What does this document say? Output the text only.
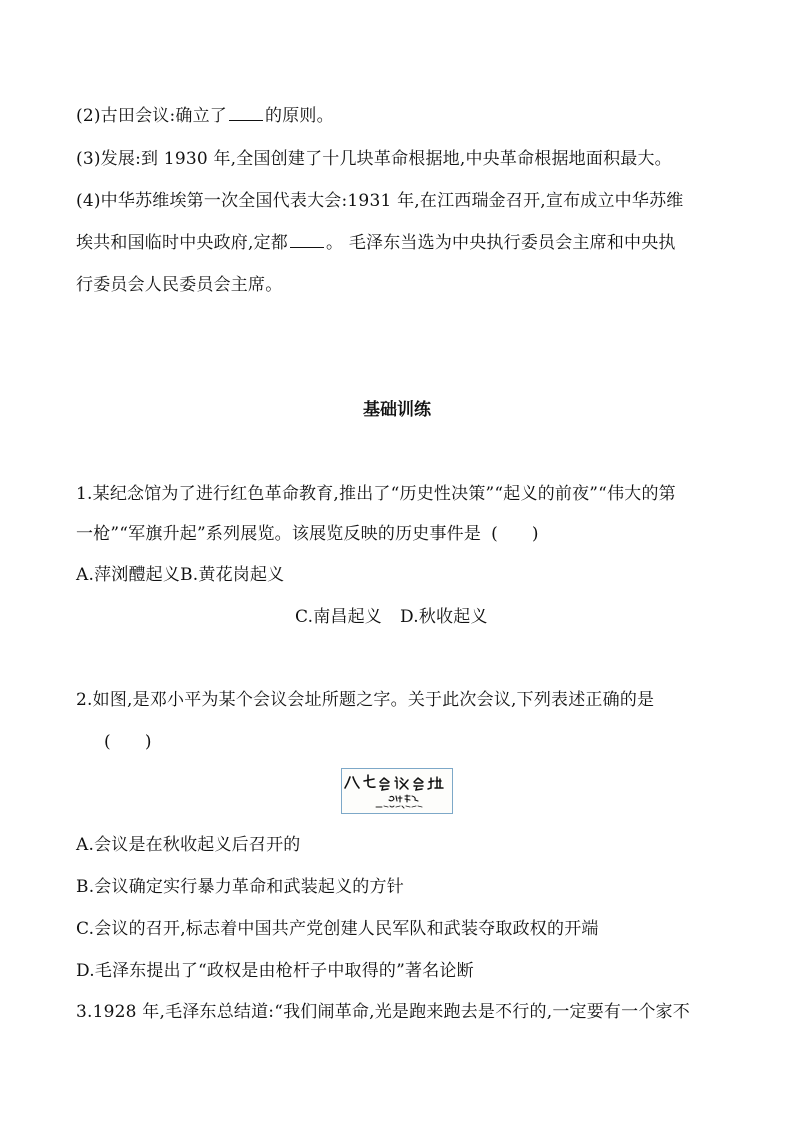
(2)古田会议:确立了 的原则。
(3)发展:到 1930 年,全国创建了十几块革命根据地,中央革命根据地面积最大。
(4)中华苏维埃第一次全国代表大会:1931 年,在江西瑞金召开,宣布成立中华苏维
埃共和国临时中央政府,定都 。 毛泽东当选为中央执行委员会主席和中央执
行委员会人民委员会主席。
基础训练
1.某纪念馆为了进行红色革命教育,推出了“历史性决策”“起义的前夜”“伟大的第
一枪”“军旗升起”系列展览。该展览反映的历史事件是 ( )
A.萍浏醴起义B.黄花岗起义
C.南昌起义 D.秋收起义
2.如图,是邓小平为某个会议会址所题之字。关于此次会议,下列表述正确的是
( )
A.会议是在秋收起义后召开的
B.会议确定实行暴力革命和武装起义的方针
C.会议的召开,标志着中国共产党创建人民军队和武装夺取政权的开端
D.毛泽东提出了“政权是由枪杆子中取得的”著名论断
3.1928 年,毛泽东总结道:“我们闹革命,光是跑来跑去是不行的,一定要有一个家不
